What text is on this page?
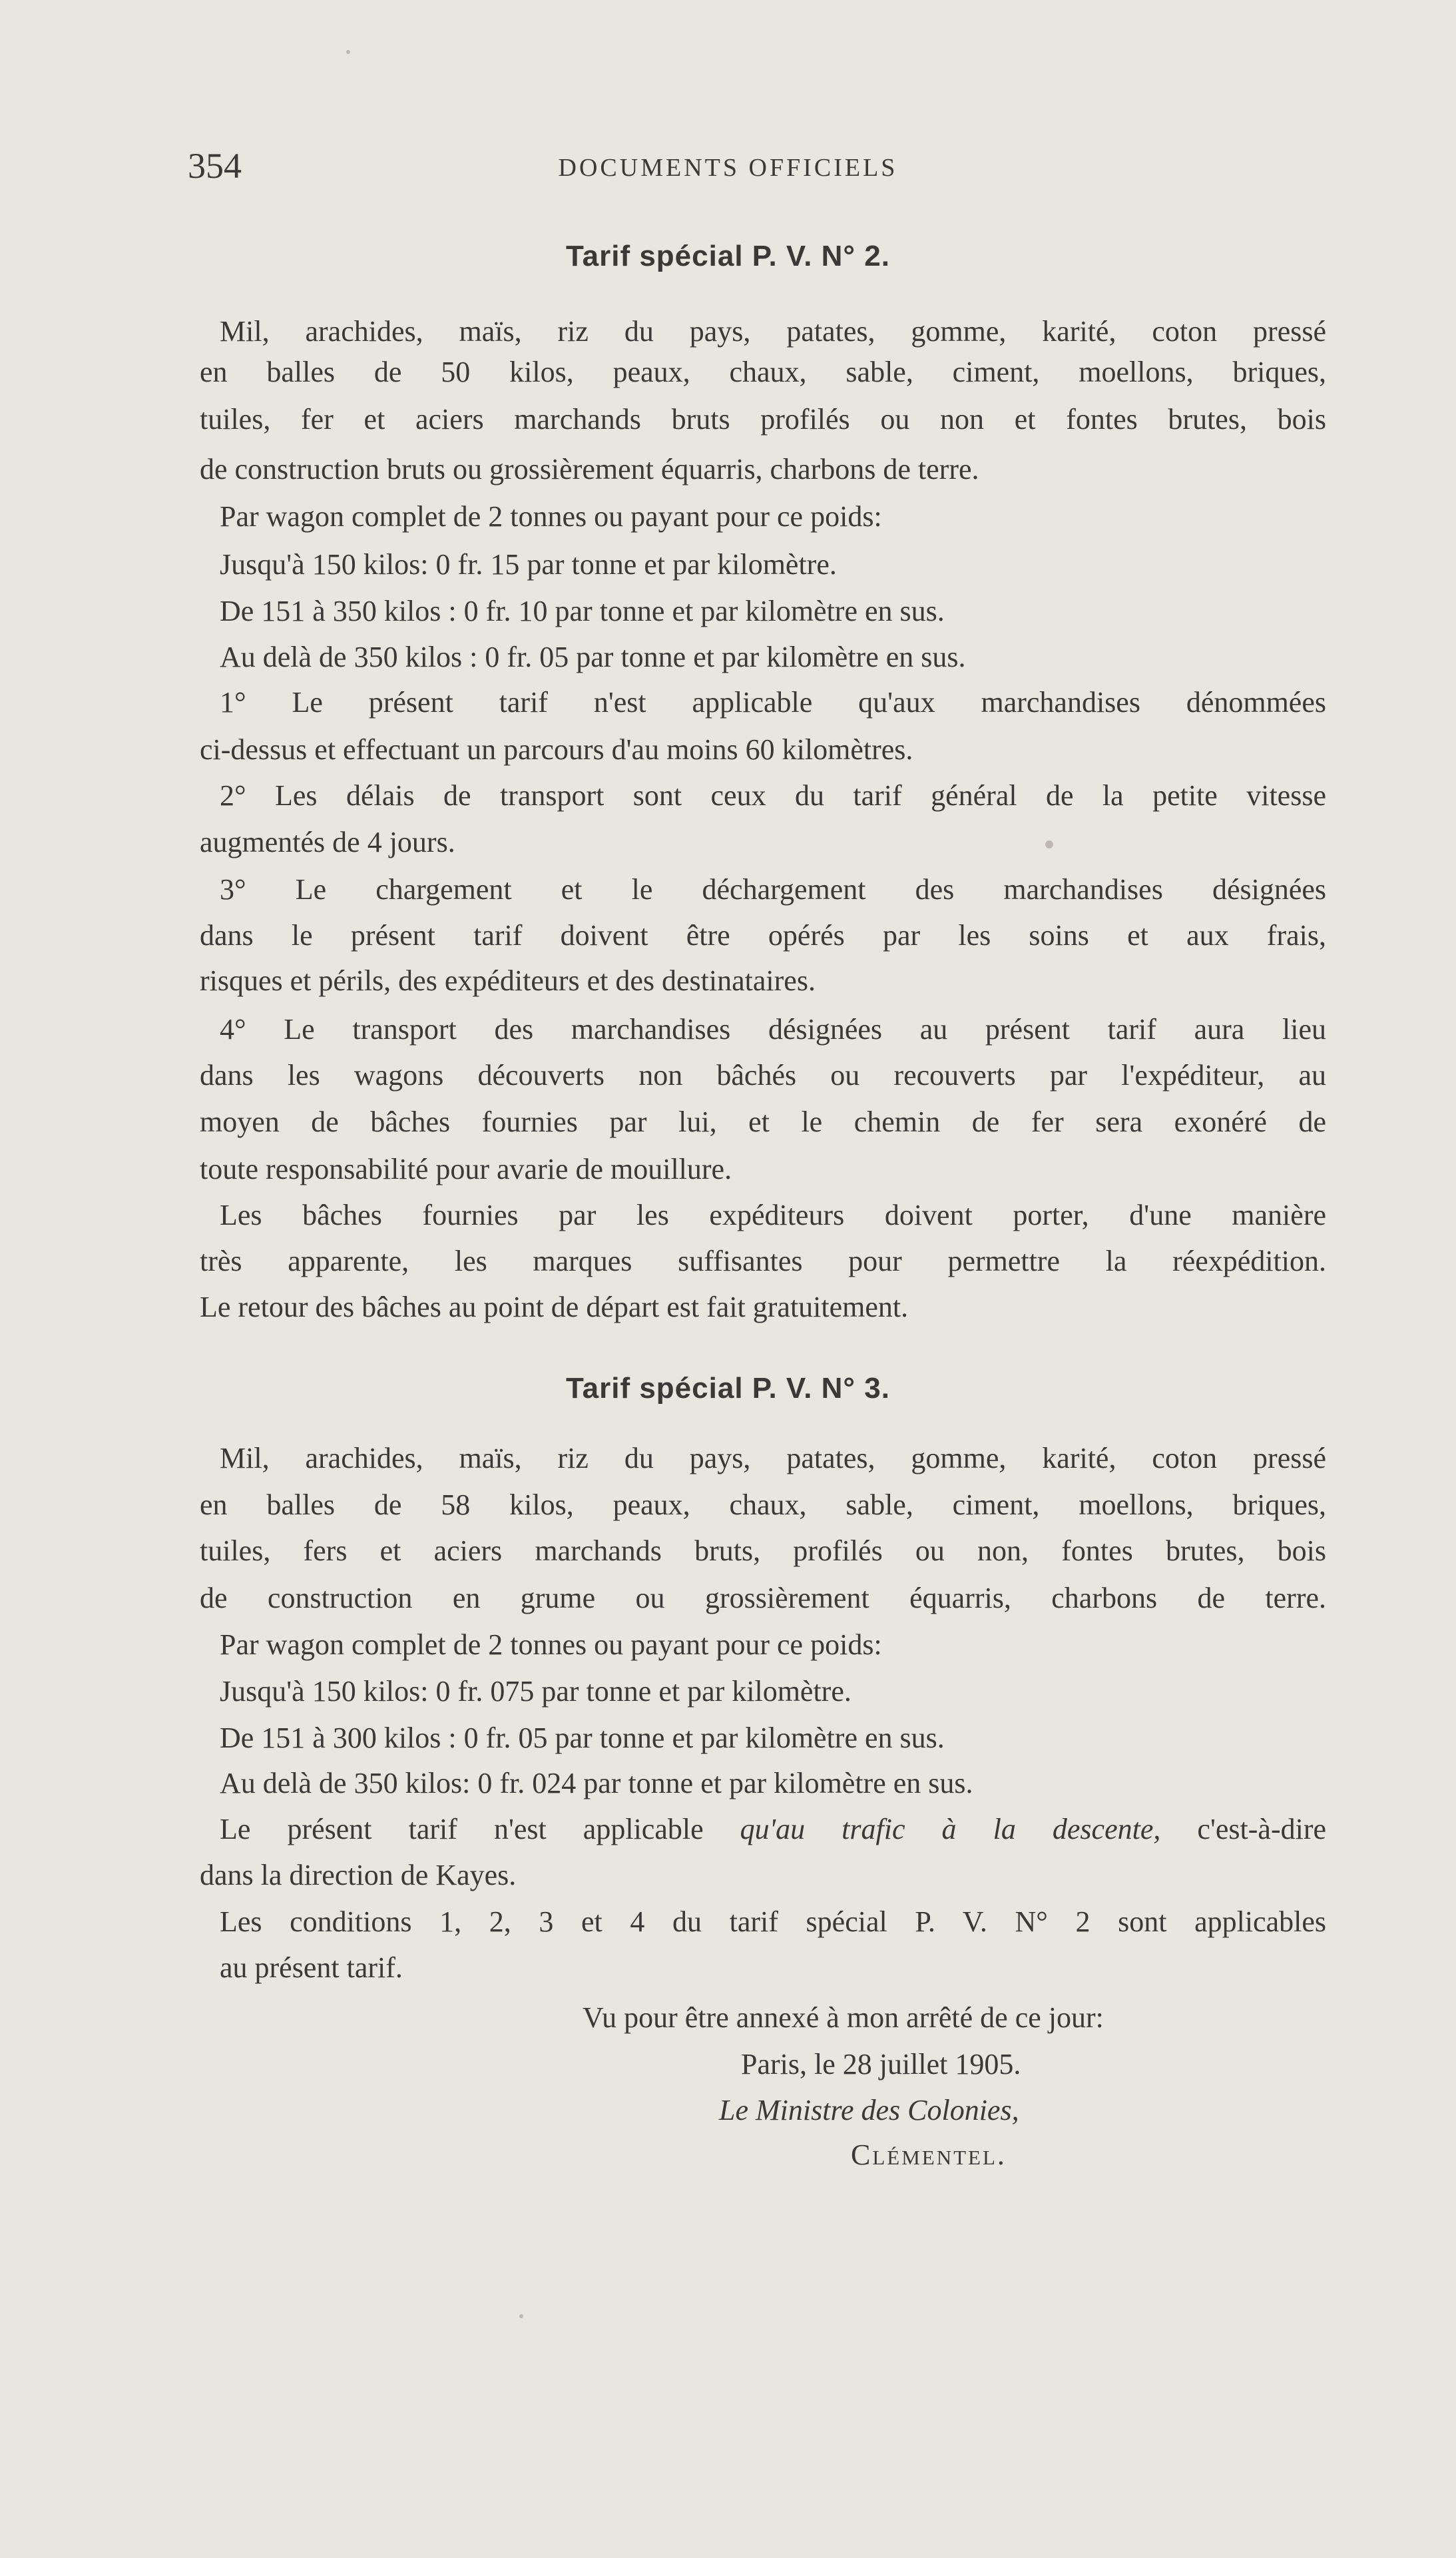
354	DOCUMENTS OFFICIELS
Tarif spécial P. V. N° 2.
Mil, arachides, maïs, riz du pays, patates, gomme, karité, coton pressé
en balles de 50 kilos, peaux, chaux, sable, ciment, moellons, briques,
tuiles, fer et aciers marchands bruts profilés ou non et fontes brutes, bois
de construction bruts ou grossièrement équarris, charbons de terre.
Par wagon complet de 2 tonnes ou payant pour ce poids:
Jusqu'à 150 kilos: 0 fr. 15 par tonne et par kilomètre.
De 151 à 350 kilos : 0 fr. 10 par tonne et par kilomètre en sus.
Au delà de 350 kilos : 0 fr. 05 par tonne et par kilomètre en sus.
1° Le présent tarif n'est applicable qu'aux marchandises dénommées
ci-dessus et effectuant un parcours d'au moins 60 kilomètres.
2° Les délais de transport sont ceux du tarif général de la petite vitesse
augmentés de 4 jours.
3° Le chargement et le déchargement des marchandises désignées
dans le présent tarif doivent être opérés par les soins et aux frais,
risques et périls, des expéditeurs et des destinataires.
4° Le transport des marchandises désignées au présent tarif aura lieu
dans les wagons découverts non bâchés ou recouverts par l'expéditeur, au
moyen de bâches fournies par lui, et le chemin de fer sera exonéré de
toute responsabilité pour avarie de mouillure.
Les bâches fournies par les expéditeurs doivent porter, d'une manière
très apparente, les marques suffisantes pour permettre la réexpédition.
Le retour des bâches au point de départ est fait gratuitement.
Tarif spécial P. V. N° 3.
Mil, arachides, maïs, riz du pays, patates, gomme, karité, coton pressé
en balles de 58 kilos, peaux, chaux, sable, ciment, moellons, briques,
tuiles, fers et aciers marchands bruts, profilés ou non, fontes brutes, bois
de construction en grume ou grossièrement équarris, charbons de terre.
Par wagon complet de 2 tonnes ou payant pour ce poids:
Jusqu'à 150 kilos: 0 fr. 075 par tonne et par kilomètre.
De 151 à 300 kilos : 0 fr. 05 par tonne et par kilomètre en sus.
Au delà de 350 kilos: 0 fr. 024 par tonne et par kilomètre en sus.
Le présent tarif n'est applicable qu'au trafic à la descente, c'est-à-dire
dans la direction de Kayes.
Les conditions 1, 2, 3 et 4 du tarif spécial P. V. N° 2 sont applicables
au présent tarif.
Vu pour être annexé à mon arrêté de ce jour:
Paris, le 28 juillet 1905.
Le Ministre des Colonies,
Clémentel.
